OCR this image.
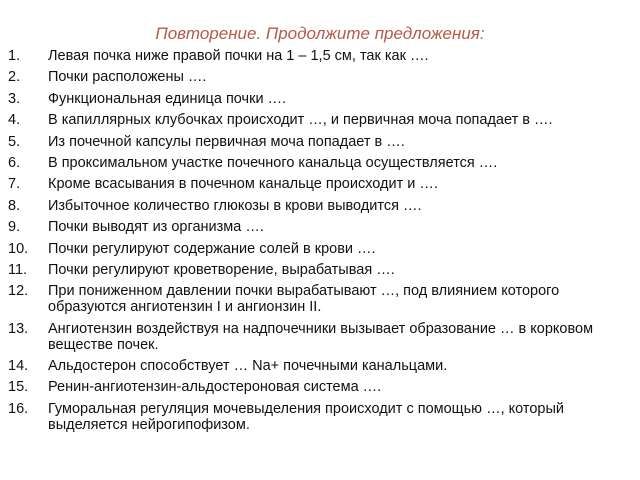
Повторение. Продолжите предложения:
1.	Левая почка ниже правой почки на 1 – 1,5 см, так как ….
2.	Почки расположены ….
3.	Функциональная единица почки ….
4.	В капиллярных клубочках происходит …, и первичная моча попадает в ….
5.	Из почечной капсулы первичная моча попадает в ….
6.	В проксимальном участке почечного канальца осуществляется ….
7.	Кроме всасывания в почечном канальце происходит и ….
8.	Избыточное количество глюкозы в крови выводится ….
9.	Почки выводят из организма ….
10.	Почки регулируют содержание солей в крови ….
11.	Почки регулируют кроветворение, вырабатывая ….
12.	При пониженном давлении почки вырабатывают …, под влиянием которого образуются ангиотензин I и ангионзин II.
13.	Ангиотензин воздействуя на надпочечники вызывает образование … в корковом веществе почек.
14.	Альдостерон способствует … Na+ почечными канальцами.
15.	Ренин-ангиотензин-альдостероновая система ….
16.	Гуморальная регуляция мочевыделения происходит с помощью …, который выделяется нейрогипофизом.
